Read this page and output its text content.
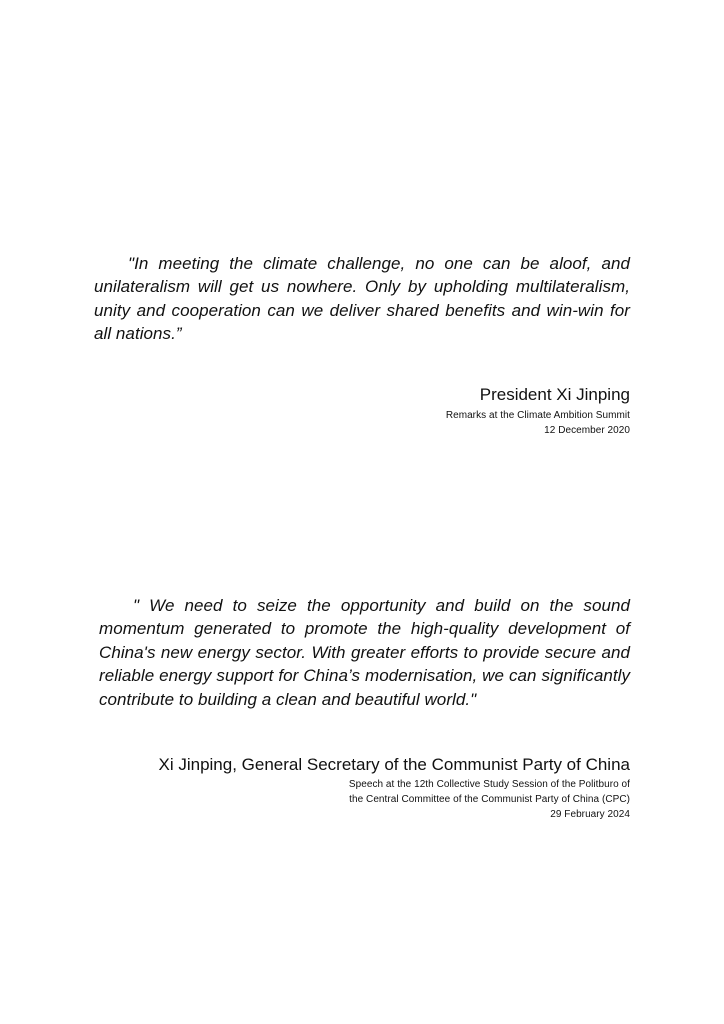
"In meeting the climate challenge, no one can be aloof, and unilateralism will get us nowhere. Only by upholding multilateralism, unity and cooperation can we deliver shared benefits and win-win for all nations.”

President Xi Jinping

Remarks at the Climate Ambition Summit

12 December 2020

" We need to seize the opportunity and build on the sound momentum generated to promote the high-quality development of China's new energy sector. With greater efforts to provide secure and reliable energy support for China’s modernisation, we can significantly contribute to building a clean and beautiful world."

Xi Jinping, General Secretary of the Communist Party of China

Speech at the 12th Collective Study Session of the Politburo of

the Central Committee of the Communist Party of China (CPC)

29 February 2024
